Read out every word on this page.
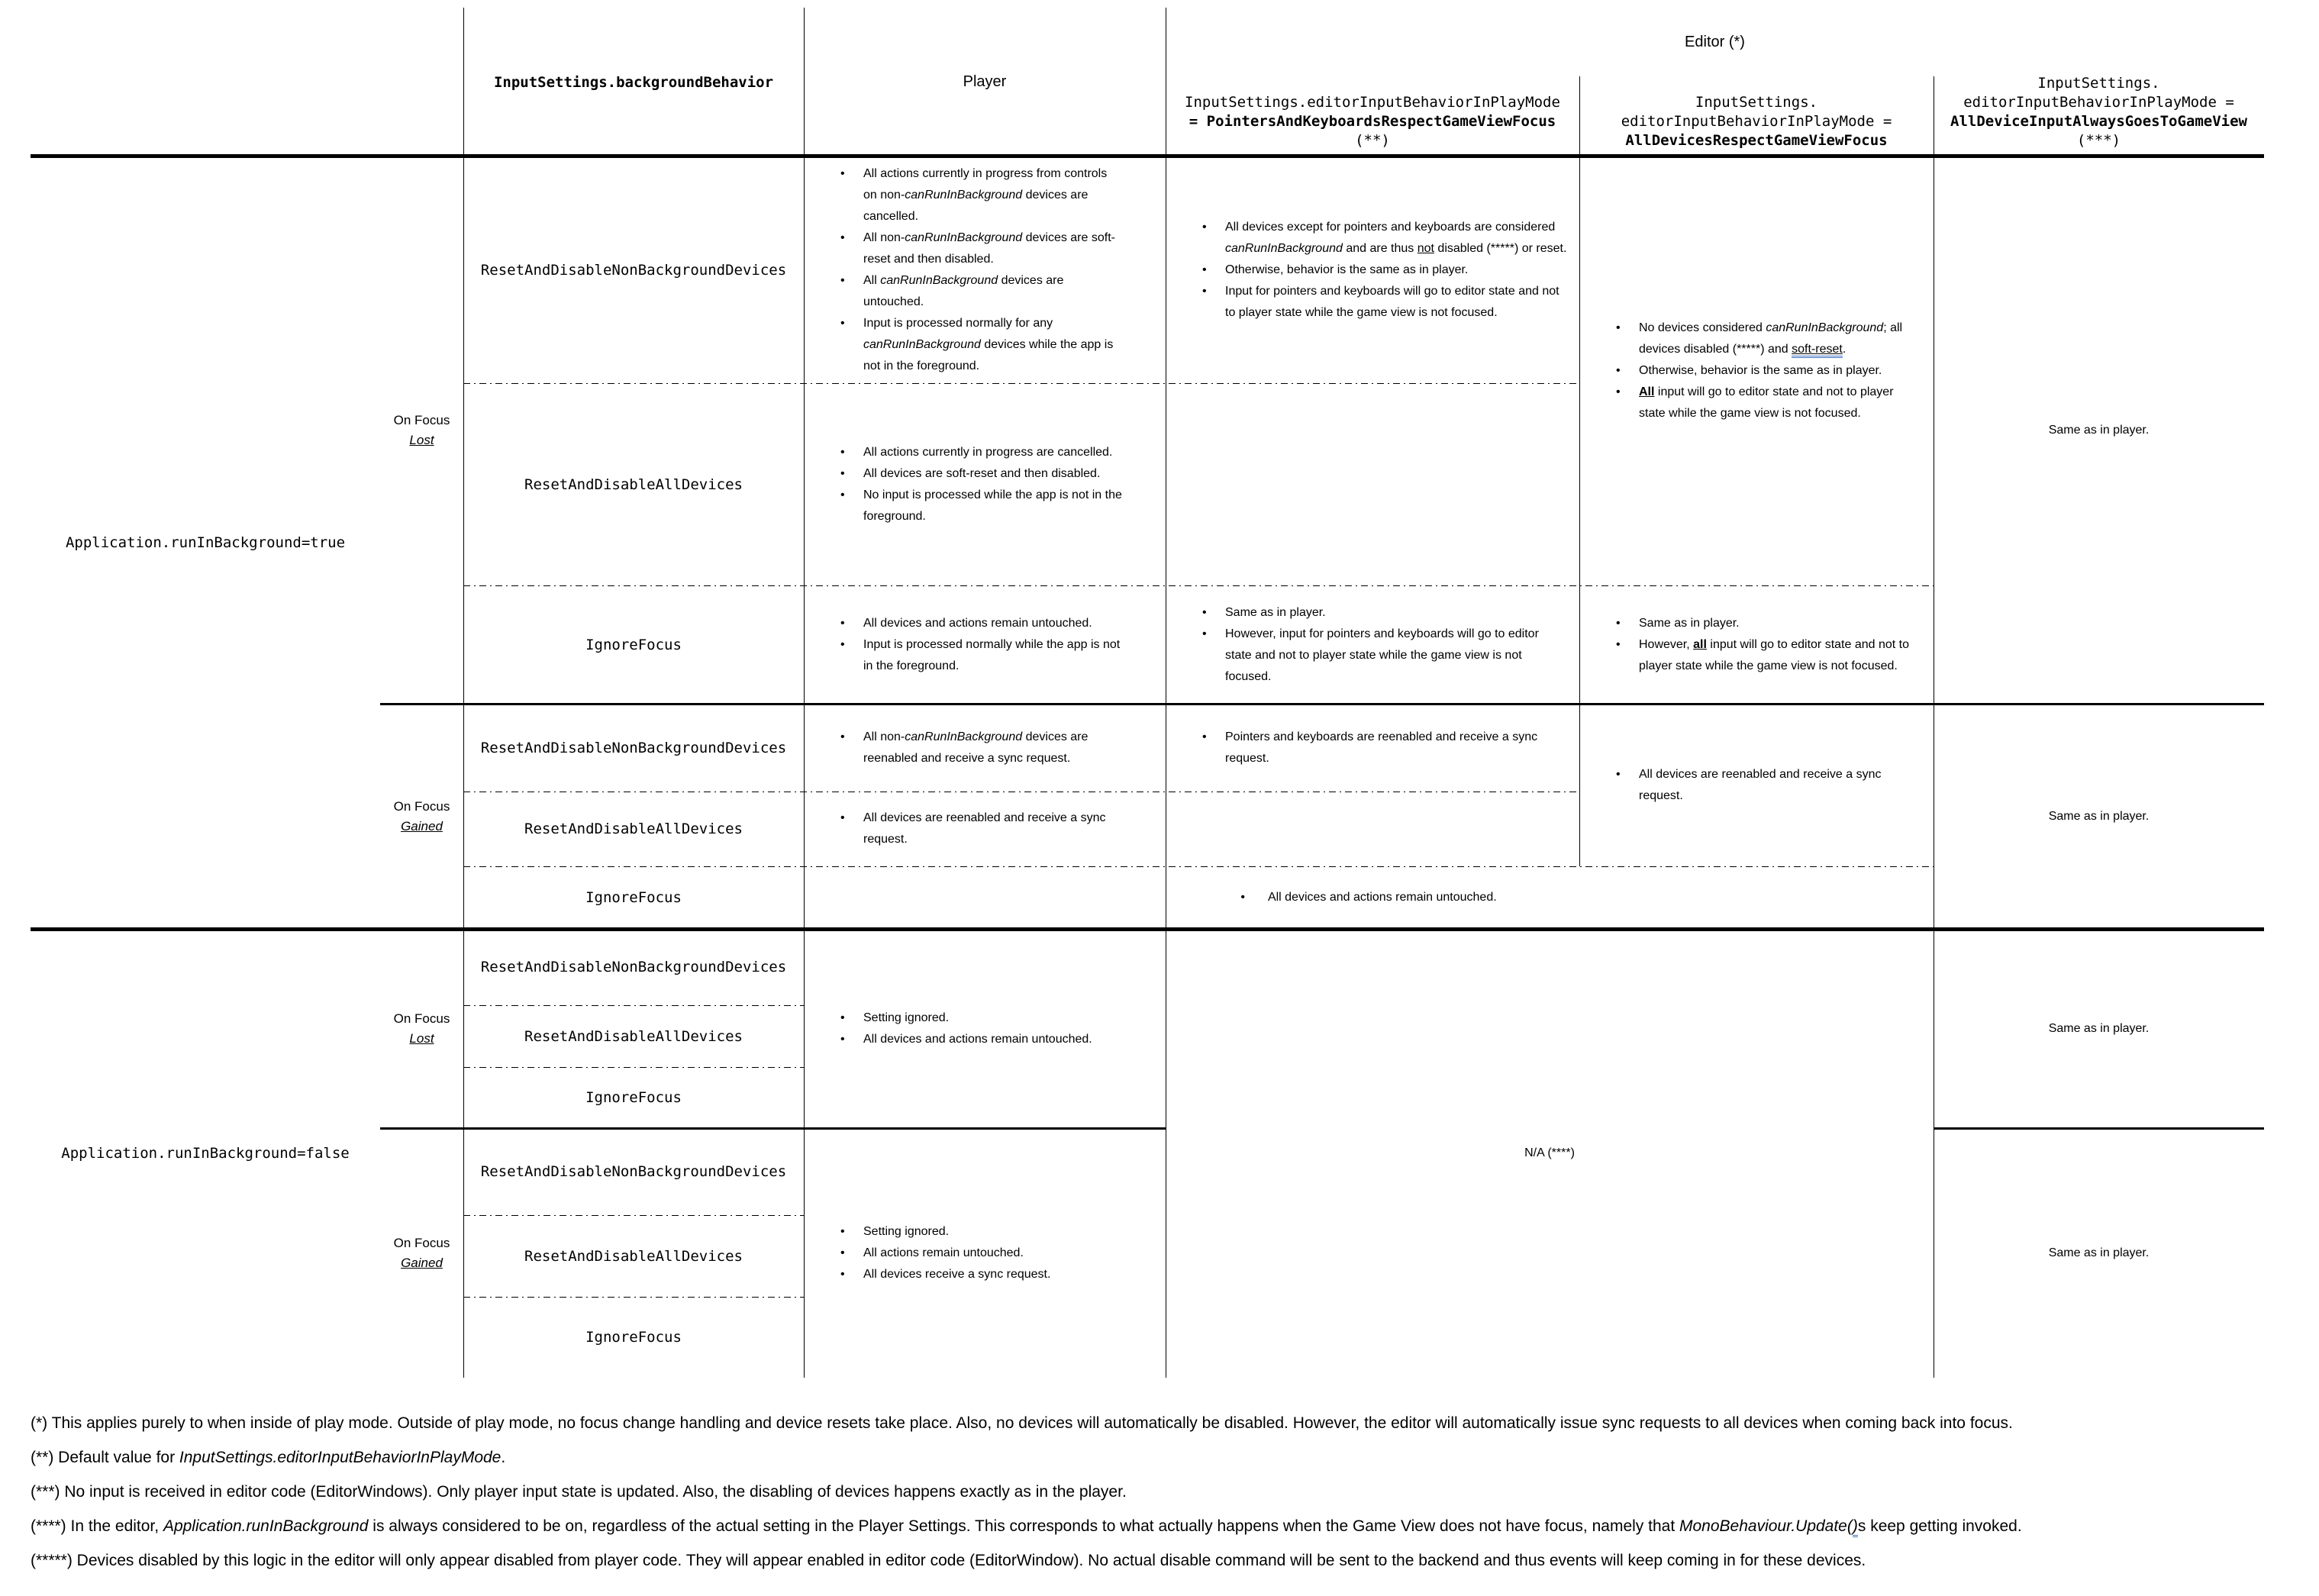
InputSettings.backgroundBehavior	Player
Editor (*)
InputSettings.editorInputBehaviorInPlayMode
= PointersAndKeyboardsRespectGameViewFocus
(**)
InputSettings.
editorInputBehaviorInPlayMode =
AllDevicesRespectGameViewFocus
InputSettings.
editorInputBehaviorInPlayMode =
AllDeviceInputAlwaysGoesToGameView
(***)
Application.runInBackground=true
Application.runInBackground=false
On Focus
Lost
On Focus
Gained
On Focus
Lost
On Focus
Gained
ResetAndDisableNonBackgroundDevices
ResetAndDisableAllDevices
IgnoreFocus
ResetAndDisableNonBackgroundDevices
ResetAndDisableAllDevices
IgnoreFocus
ResetAndDisableNonBackgroundDevices
ResetAndDisableAllDevices
IgnoreFocus
ResetAndDisableNonBackgroundDevices
ResetAndDisableAllDevices
IgnoreFocus
• All actions currently in progress from controls on non-canRunInBackground devices are cancelled.
• All non-canRunInBackground devices are soft-reset and then disabled.
• All canRunInBackground devices are untouched.
• Input is processed normally for any canRunInBackground devices while the app is not in the foreground.
• All actions currently in progress are cancelled.
• All devices are soft-reset and then disabled.
• No input is processed while the app is not in the foreground.
• All devices and actions remain untouched.
• Input is processed normally while the app is not in the foreground.
• All non-canRunInBackground devices are reenabled and receive a sync request.
• All devices are reenabled and receive a sync request.
• Setting ignored.
• All devices and actions remain untouched.
• Setting ignored.
• All actions remain untouched.
• All devices receive a sync request.
• All devices except for pointers and keyboards are considered canRunInBackground and are thus not disabled (*****) or reset.
• Otherwise, behavior is the same as in player.
• Input for pointers and keyboards will go to editor state and not to player state while the game view is not focused.
• Same as in player.
• However, input for pointers and keyboards will go to editor state and not to player state while the game view is not focused.
• Pointers and keyboards are reenabled and receive a sync request.
• No devices considered canRunInBackground; all devices disabled (*****) and soft-reset.
• Otherwise, behavior is the same as in player.
• All input will go to editor state and not to player state while the game view is not focused.
• Same as in player.
• However, all input will go to editor state and not to player state while the game view is not focused.
• All devices are reenabled and receive a sync request.
• All devices and actions remain untouched.
N/A (****)
Same as in player.
Same as in player.
Same as in player.
Same as in player.
(*) This applies purely to when inside of play mode. Outside of play mode, no focus change handling and device resets take place. Also, no devices will automatically be disabled. However, the editor will automatically issue sync requests to all devices when coming back into focus.
(**) Default value for InputSettings.editorInputBehaviorInPlayMode.
(***) No input is received in editor code (EditorWindows). Only player input state is updated. Also, the disabling of devices happens exactly as in the player.
(****) In the editor, Application.runInBackground is always considered to be on, regardless of the actual setting in the Player Settings. This corresponds to what actually happens when the Game View does not have focus, namely that MonoBehaviour.Update()s keep getting invoked.
(*****) Devices disabled by this logic in the editor will only appear disabled from player code. They will appear enabled in editor code (EditorWindow). No actual disable command will be sent to the backend and thus events will keep coming in for these devices.
